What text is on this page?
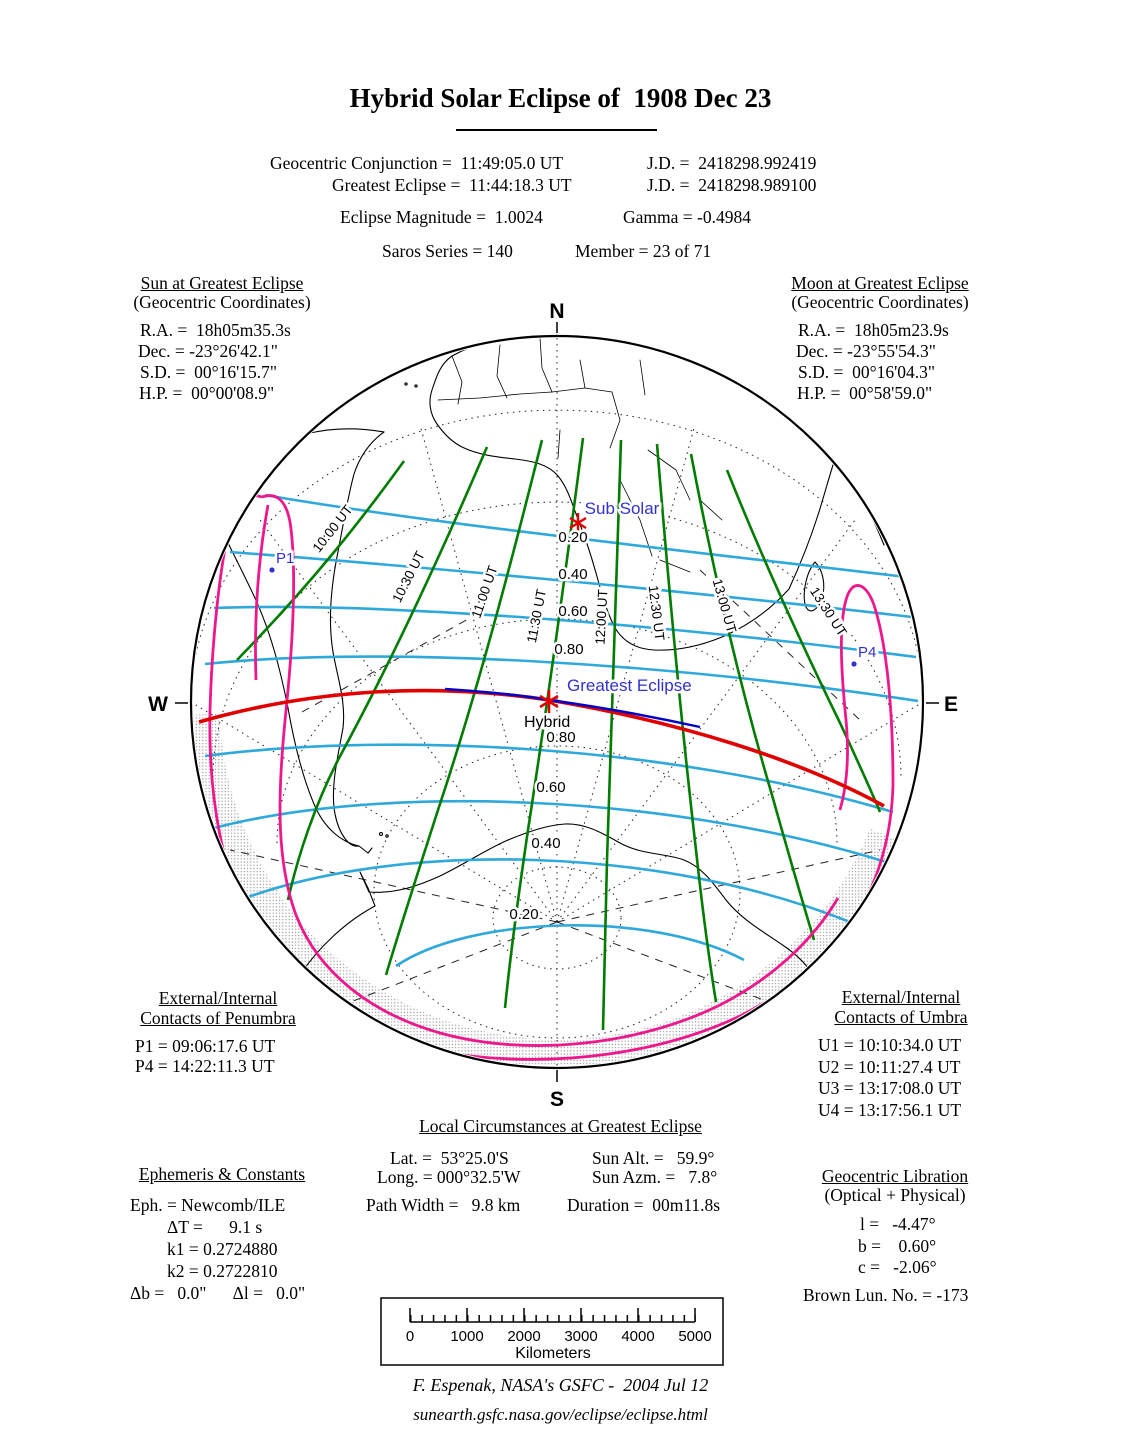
Sub Solar
Greatest Eclipse
Hybrid
P1
P4
0.20
0.40
0.60
0.80
0.80
0.60
0.40
0.20
10:00 UT
10:30 UT	11:00 UT 11:30 UT	12:00 UT	12:30 UT	13:00 UT	13:30 UT
N
S
W	E
0 1000 2000 3000 4000 5000
Kilometers
Hybrid Solar Eclipse of  1908 Dec 23
Geocentric Conjunction =  11:49:05.0 UT	J.D. =  2418298.992419
Greatest Eclipse =  11:44:18.3 UT	J.D. =  2418298.989100
Eclipse Magnitude =  1.0024	Gamma = -0.4984
Saros Series = 140	Member = 23 of 71
Sun at Greatest Eclipse
(Geocentric Coordinates)
R.A. =  18h05m35.3s
Dec. = -23°26'42.1"
S.D. =  00°16'15.7"
H.P. =  00°00'08.9"
Moon at Greatest Eclipse
(Geocentric Coordinates)
R.A. =  18h05m23.9s
Dec. = -23°55'54.3"
S.D. =  00°16'04.3"
H.P. =  00°58'59.0"
External/Internal
Contacts of Penumbra
P1 = 09:06:17.6 UT
P4 = 14:22:11.3 UT
External/Internal
Contacts of Umbra
U1 = 10:10:34.0 UT
U2 = 10:11:27.4 UT
U3 = 13:17:08.0 UT
U4 = 13:17:56.1 UT
Local Circumstances at Greatest Eclipse
Lat. =  53°25.0'S	Sun Alt. =   59.9°
Long. = 000°32.5'W	Sun Azm. =   7.8°
Path Width =   9.8 km	Duration =  00m11.8s
Ephemeris & Constants
Eph. = Newcomb/ILE
ΔT =      9.1 s
k1 = 0.2724880
k2 = 0.2722810
Δb =   0.0"      Δl =   0.0"
Geocentric Libration
(Optical + Physical)
l =   -4.47°
b =    0.60°
c =   -2.06°
Brown Lun. No. = -173
F. Espenak, NASA's GSFC -  2004 Jul 12
sunearth.gsfc.nasa.gov/eclipse/eclipse.html
